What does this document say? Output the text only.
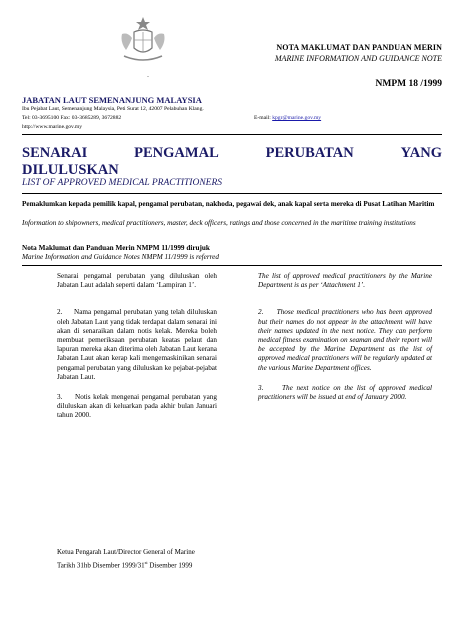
NOTA MAKLUMAT DAN PANDUAN MERIN
MARINE INFORMATION AND GUIDANCE NOTE
.
NMPM 18 /1999
JABATAN LAUT SEMENANJUNG MALAYSIA
Ibu Pejabat Laut, Semenanjung Malaysia, Peti Surat 12, 42007 Pelabuhan Klang.
Tel: 03-3695100 Fax: 03-3685289, 3672882	E-mail: kpgr@marine.gov.my
http://www.marine.gov.my
SENARAI	PENGAMAL	PERUBATAN	YANG
DILULUSKAN
LIST OF APPROVED MEDICAL PRACTITIONERS
Pemaklumkan kepada pemilik kapal, pengamal perubatan, nakhoda, pegawai dek, anak kapal serta mereka di Pusat Latihan Maritim
Information to shipowners, medical practitioners, master, deck officers, ratings and those concerned in the maritime training institutions
Nota Maklumat dan Panduan Merin NMPM 11/1999 dirujuk
Marine Information and Guidance Notes NMPM 11/1999 is referred

Senarai pengamal perubatan yang diluluskan oleh Jabatan Laut adalah seperti dalam ‘Lampiran 1’.

2.     Nama pengamal perubatan yang telah diluluskan oleh Jabatan Laut yang tidak terdapat dalam senarai ini akan di senaraikan dalam notis kelak. Mereka boleh membuat pemeriksaan perubatan keatas pelaut dan lapuran mereka akan diterima oleh Jabatan Laut kerana Jabatan Laut akan kerap kali mengemaskinikan senarai pengamal perubatan yang diluluskan ke pejabat-pejabat Jabatan Laut.

3.     Notis kelak mengenai pengamal perubatan yang diluluskan akan di keluarkan pada akhir bulan Januari tahun 2000.

The list of approved medical practitioners by the Marine Department is as per ‘Attachment 1’.

2.     Those medical practitioners who has been approved but their names do not appear in the attachment will have their names updated in the next notice. They can perform medical fitness examination on seaman and their report will be accepted by the Marine Department as the list of approved medical practitioners will be regularly updated at the various Marine Department offices.

3.     The next notice on the list of approved medical practitioners will be issued at end of January 2000.

Ketua Pengarah Laut/Director General of Marine
Tarikh 31hb Disember 1999/31st Disember 1999
